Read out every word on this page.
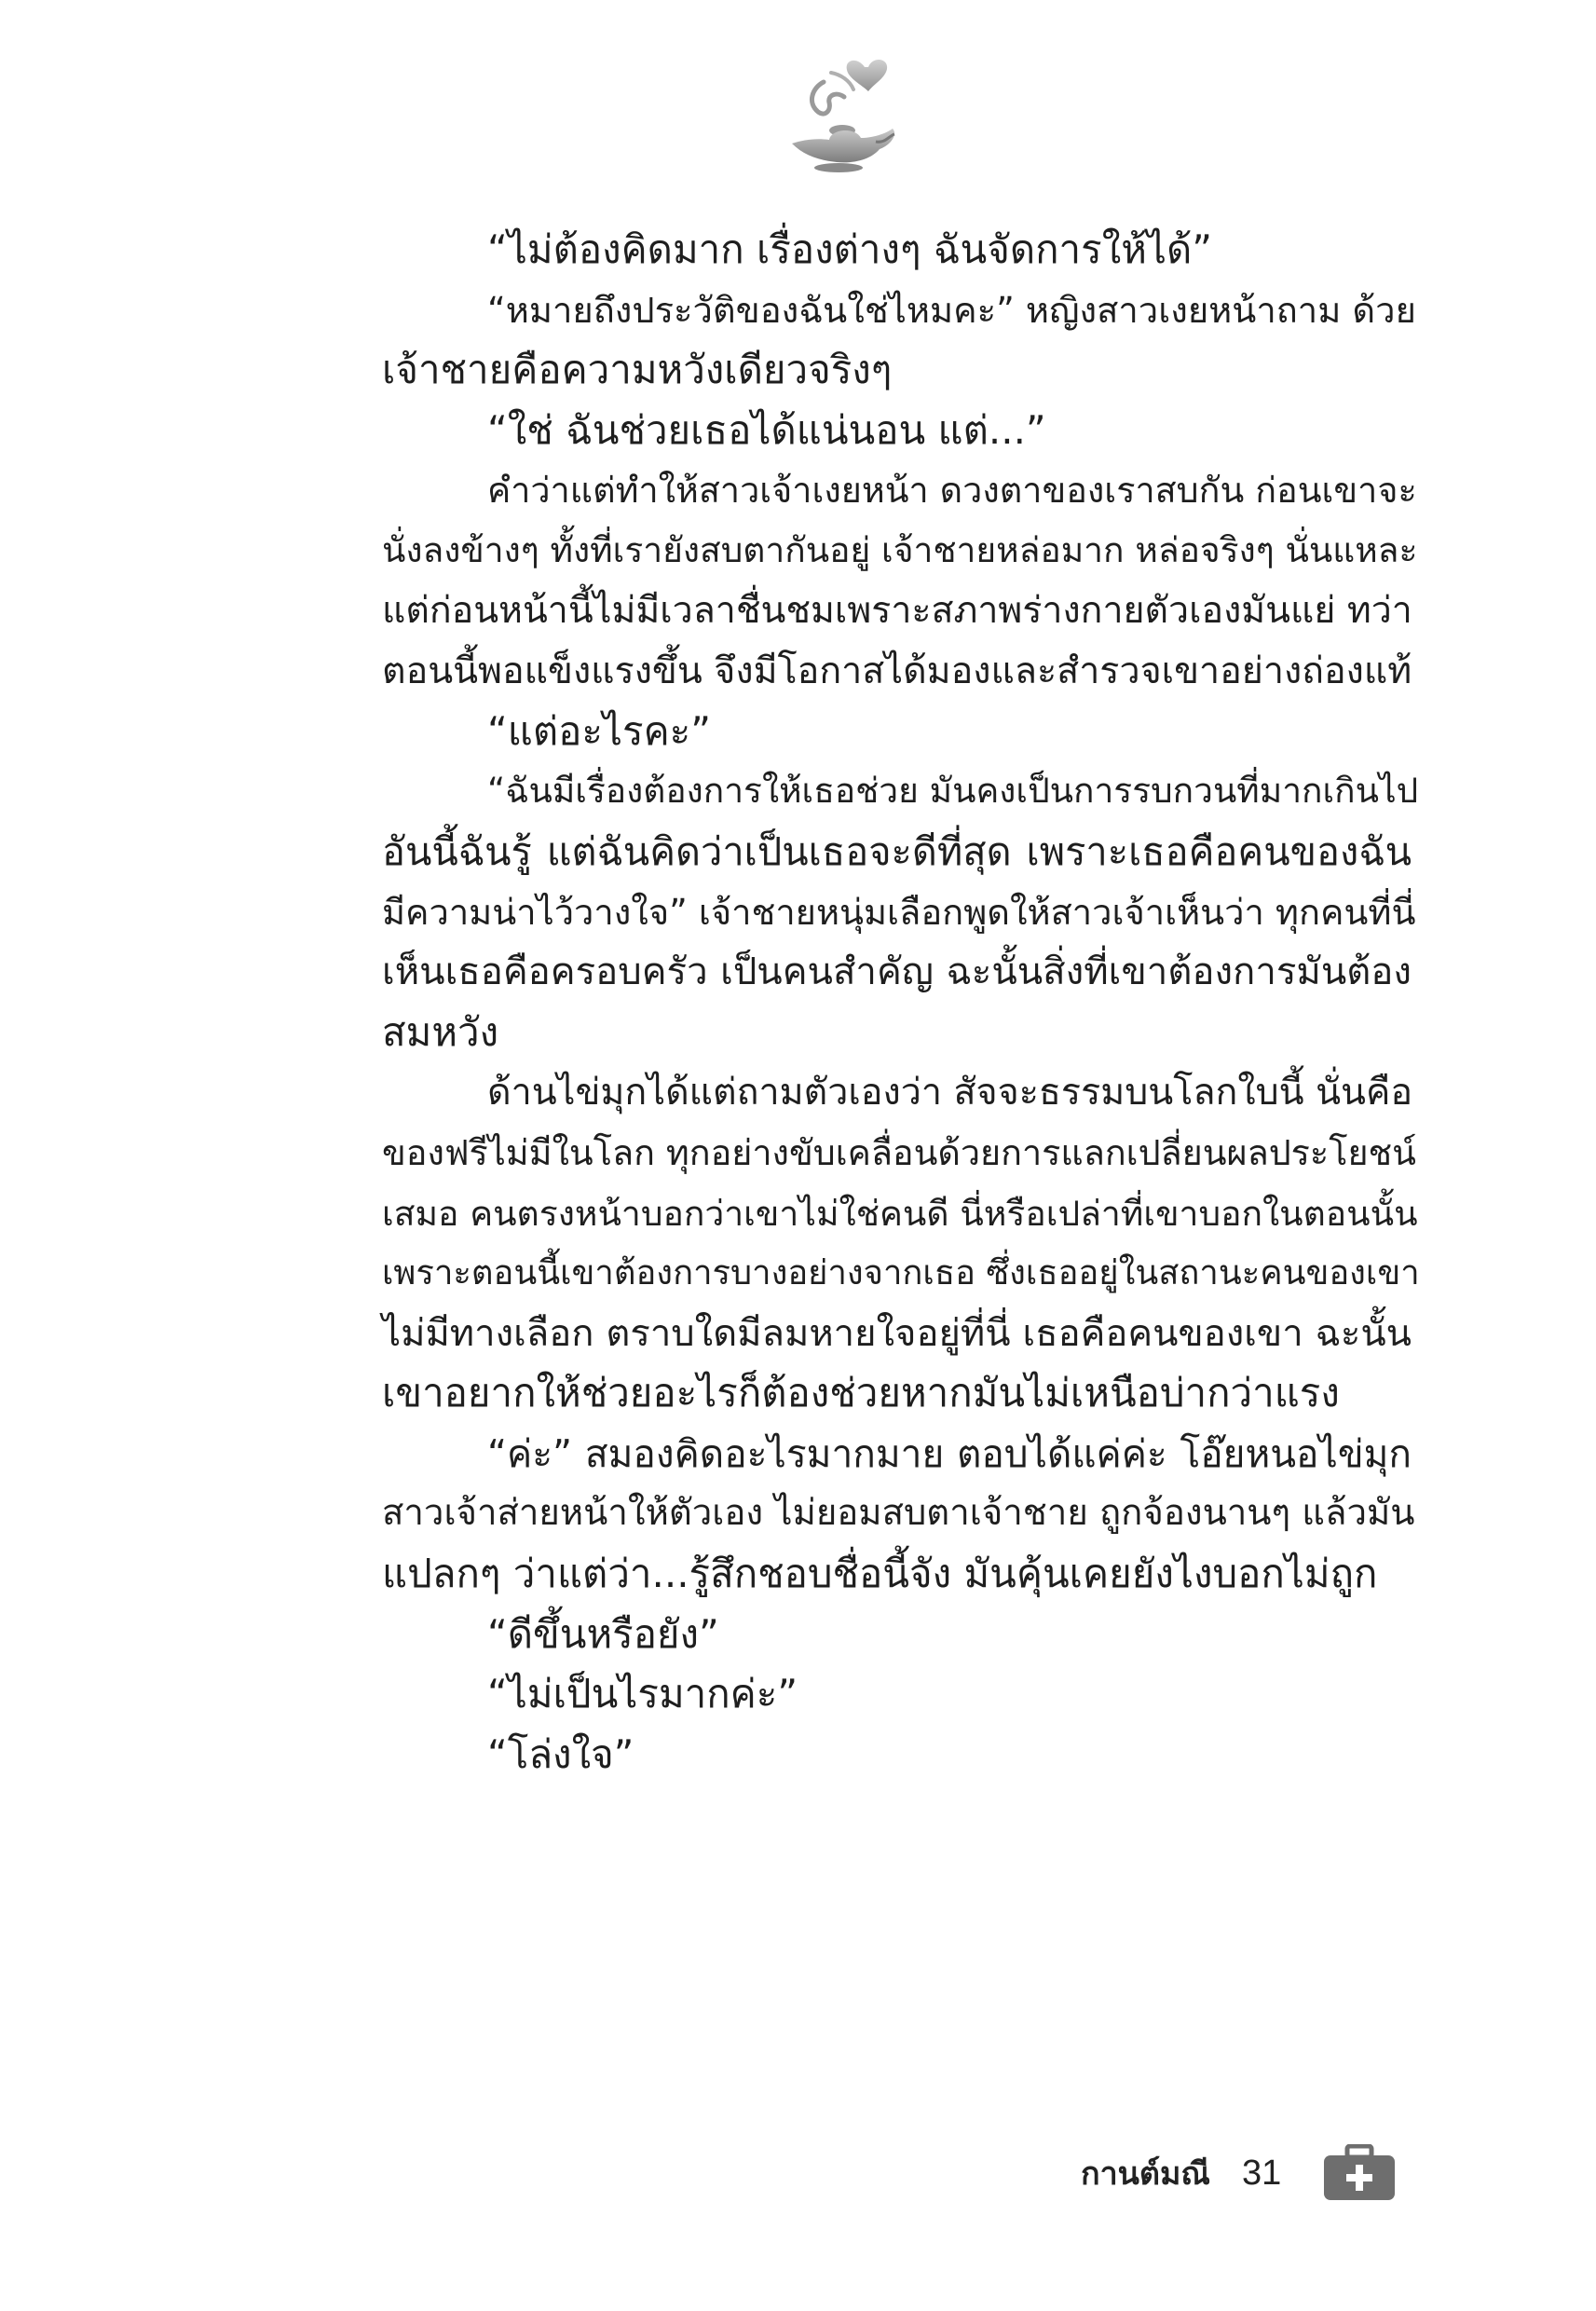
“ไม่ต้องคิดมาก เรื่องต่างๆ ฉันจัดการให้ได้”
“หมายถึงประวัติของฉันใช่ไหมคะ” หญิงสาวเงยหน้าถาม ด้วย
เจ้าชายคือความหวังเดียวจริงๆ
“ใช่ ฉันช่วยเธอได้แน่นอน แต่...”
คำว่าแต่ทำให้สาวเจ้าเงยหน้า ดวงตาของเราสบกัน ก่อนเขาจะ
นั่งลงข้างๆ ทั้งที่เรายังสบตากันอยู่ เจ้าชายหล่อมาก หล่อจริงๆ นั่นแหละ
แต่ก่อนหน้านี้ไม่มีเวลาชื่นชมเพราะสภาพร่างกายตัวเองมันแย่ ทว่า
ตอนนี้พอแข็งแรงขึ้น จึงมีโอกาสได้มองและสำรวจเขาอย่างถ่องแท้
“แต่อะไรคะ”
“ฉันมีเรื่องต้องการให้เธอช่วย มันคงเป็นการรบกวนที่มากเกินไป
อันนี้ฉันรู้ แต่ฉันคิดว่าเป็นเธอจะดีที่สุด เพราะเธอคือคนของฉัน
มีความน่าไว้วางใจ” เจ้าชายหนุ่มเลือกพูดให้สาวเจ้าเห็นว่า ทุกคนที่นี่
เห็นเธอคือครอบครัว เป็นคนสำคัญ ฉะนั้นสิ่งที่เขาต้องการมันต้อง
สมหวัง
ด้านไข่มุกได้แต่ถามตัวเองว่า สัจจะธรรมบนโลกใบนี้ นั่นคือ
ของฟรีไม่มีในโลก ทุกอย่างขับเคลื่อนด้วยการแลกเปลี่ยนผลประโยชน์
เสมอ คนตรงหน้าบอกว่าเขาไม่ใช่คนดี นี่หรือเปล่าที่เขาบอกในตอนนั้น
เพราะตอนนี้เขาต้องการบางอย่างจากเธอ ซึ่งเธออยู่ในสถานะคนของเขา
ไม่มีทางเลือก ตราบใดมีลมหายใจอยู่ที่นี่ เธอคือคนของเขา ฉะนั้น
เขาอยากให้ช่วยอะไรก็ต้องช่วยหากมันไม่เหนือบ่ากว่าแรง
“ค่ะ” สมองคิดอะไรมากมาย ตอบได้แค่ค่ะ โอ๊ยหนอไข่มุก
สาวเจ้าส่ายหน้าให้ตัวเอง ไม่ยอมสบตาเจ้าชาย ถูกจ้องนานๆ แล้วมัน
แปลกๆ ว่าแต่ว่า...รู้สึกชอบชื่อนี้จัง มันคุ้นเคยยังไงบอกไม่ถูก
“ดีขึ้นหรือยัง”
“ไม่เป็นไรมากค่ะ”
“โล่งใจ”
กานต์มณี 31
